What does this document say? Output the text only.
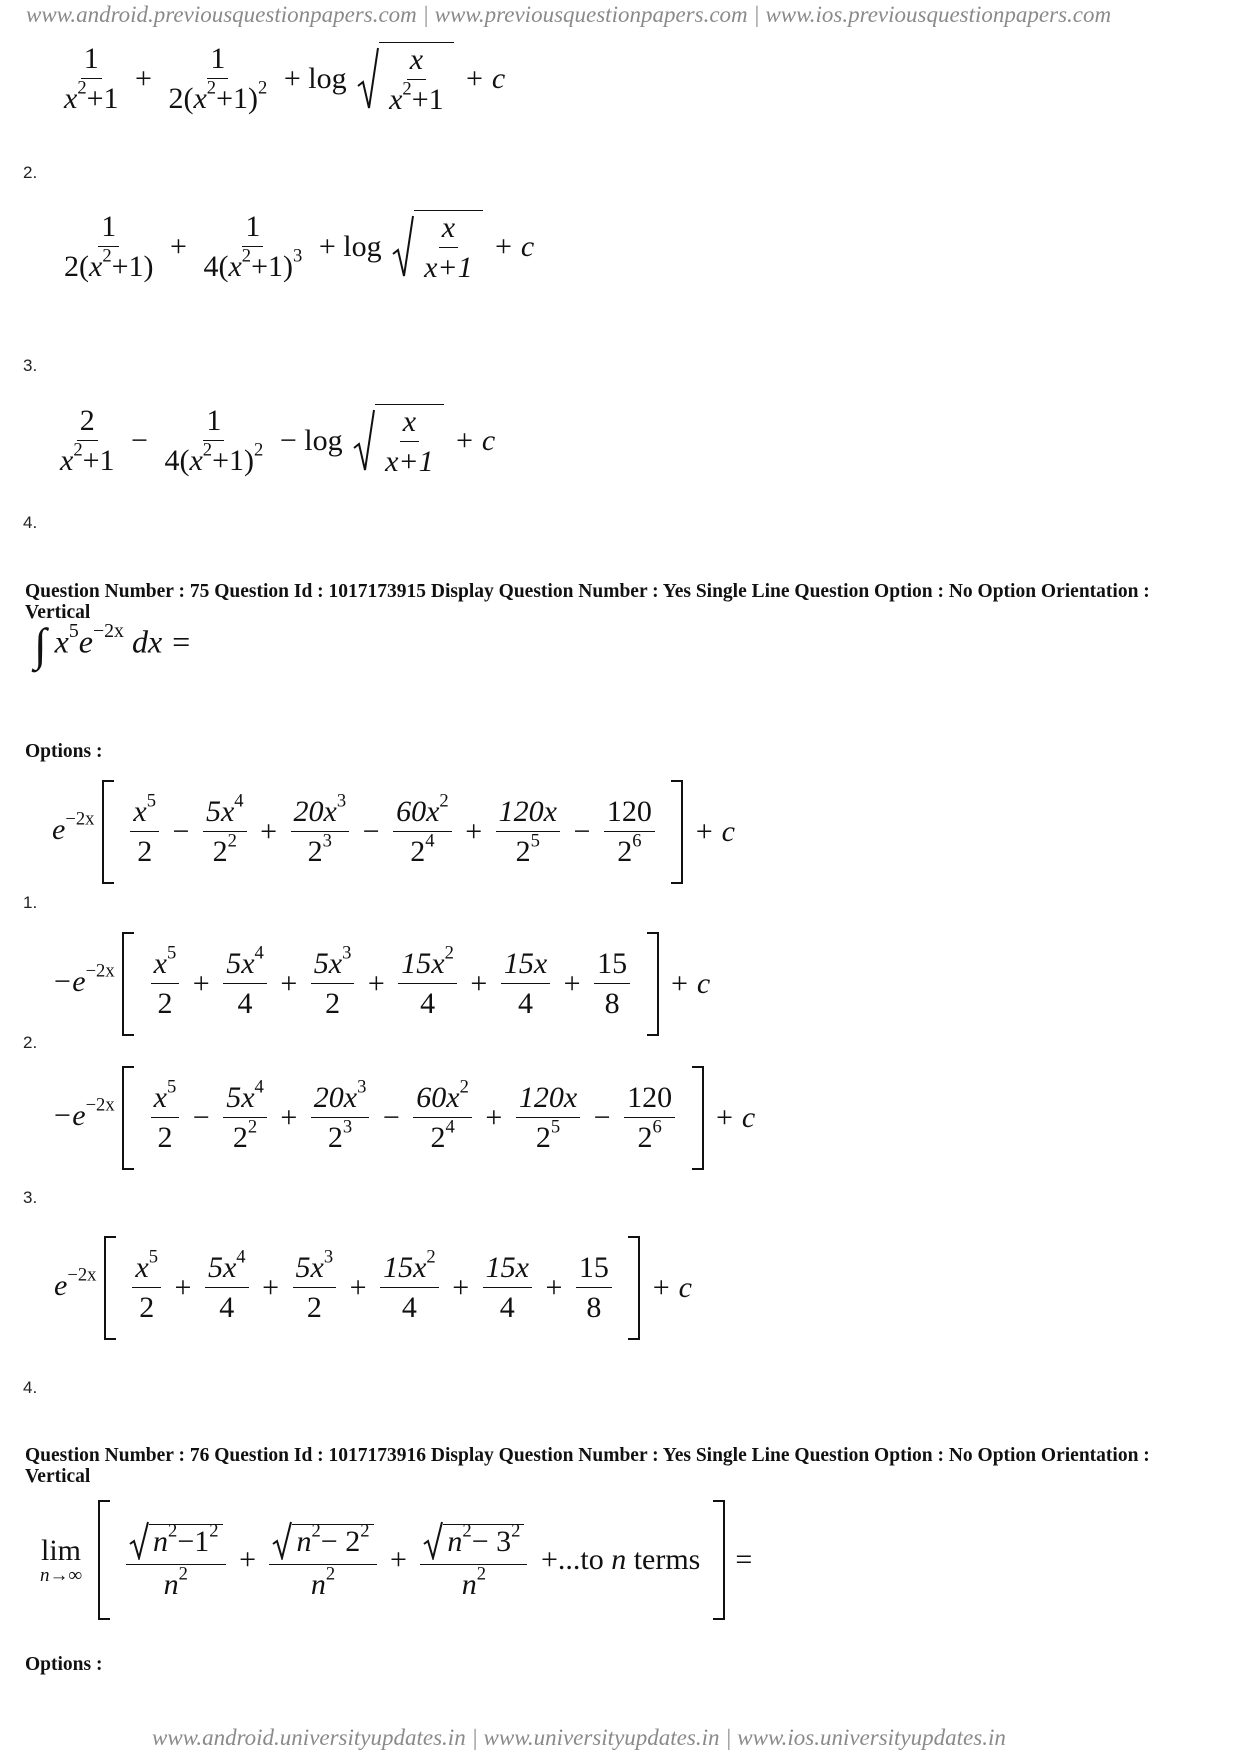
www.android.previousquestionpapers.com | www.previousquestionpapers.com | www.ios.previousquestionpapers.com
$\frac{1}{x^2+1} + \frac{1}{2(x^2+1)^2} + \log \frac{x}{x^2+1} + c$
2.
$\frac{1}{2(x^2+1)} + \frac{1}{4(x^2+1)^3} + \log \frac{x}{x+1} + c$
3.
$\frac{2}{x^2+1} - \frac{1}{4(x^2+1)^2} - \log \frac{x}{x+1} + c$
4.
Question Number : 75 Question Id : 1017173915 Display Question Number : Yes Single Line Question Option : No Option Orientation : Vertical
∫ $x^5e^{-2x}$ dx =
Options :
$e^{-2x} \frac{x^5}{2} - \frac{5x^4}{2^2} + \frac{20x^3}{2^3} - \frac{60x^2}{2^4} + \frac{120x}{2^5} - \frac{120}{2^6} + c$
1.
$-e^{-2x} \frac{x^5}{2} + \frac{5x^4}{4} + \frac{5x^3}{2} + \frac{15x^2}{4} + \frac{15x}{4} + \frac{15}{8} + c$
2.
$-e^{-2x} \frac{x^5}{2} - \frac{5x^4}{2^2} + \frac{20x^3}{2^3} - \frac{60x^2}{2^4} + \frac{120x}{2^5} - \frac{120}{2^6} + c$
3.
$e^{-2x} \frac{x^5}{2} + \frac{5x^4}{4} + \frac{5x^3}{2} + \frac{15x^2}{4} + \frac{15x}{4} + \frac{15}{8} + c$
4.
Question Number : 76 Question Id : 1017173916 Display Question Number : Yes Single Line Question Option : No Option Orientation : Vertical
lim
n→∞
$\frac{n^2-1^2}{n^2} + \frac{n^2- 2^2}{n^2} + \frac{n^2- 3^2}{n^2} +...to$ n terms =
Options :
www.android.universityupdates.in | www.universityupdates.in | www.ios.universityupdates.in
